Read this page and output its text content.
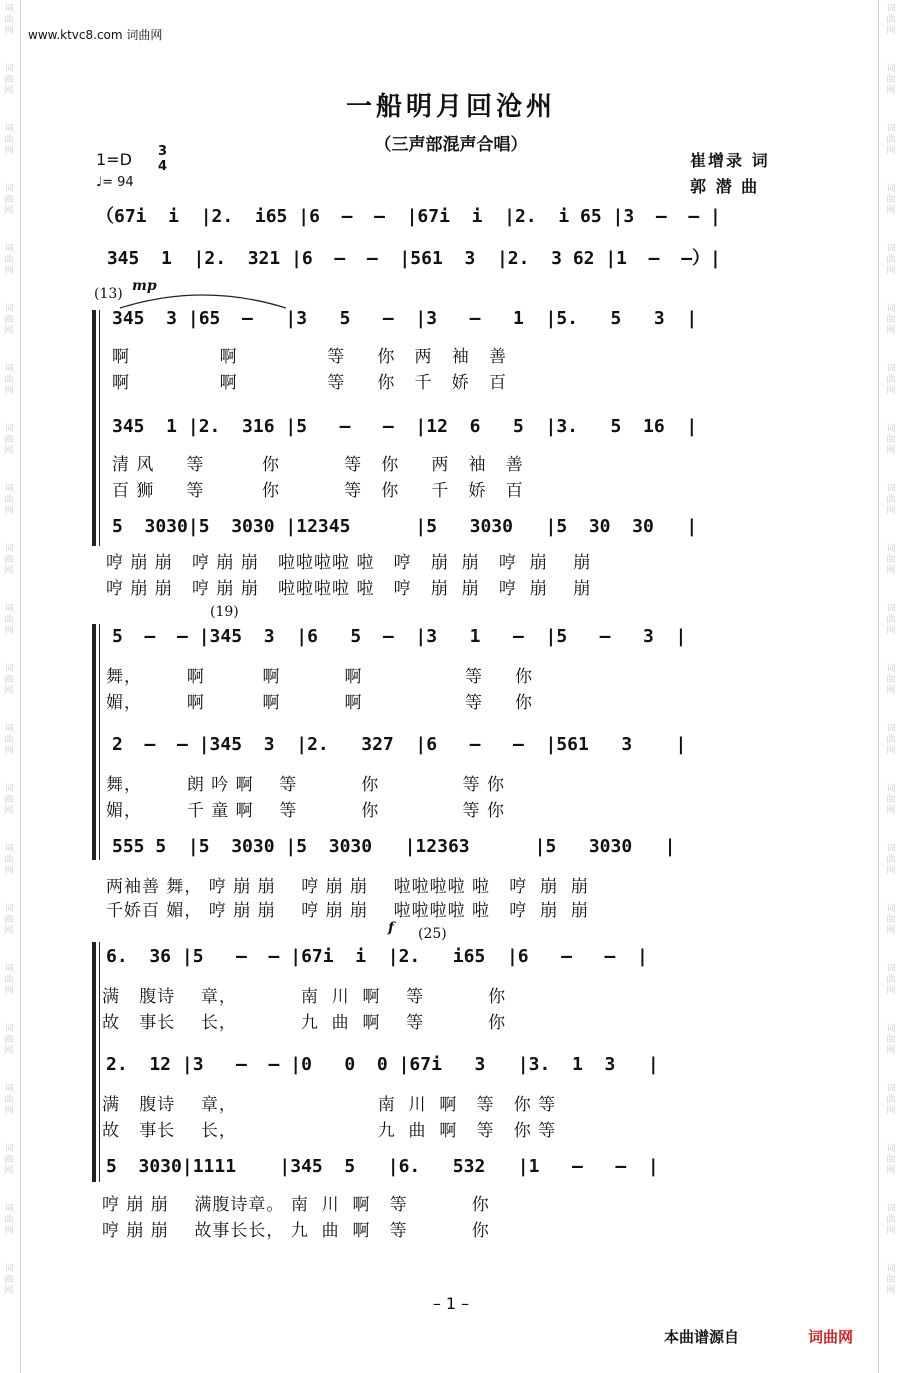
词
曲
网
词
曲
网
词
曲
网
词
曲
网
词
曲
网
词
曲
网
词
曲
网
词
曲
网
词
曲
网
词
曲
网
词
曲
网
词
曲
网
词
曲
网
词
曲
网
词
曲
网
词
曲
网
词
曲
网
词
曲
网
词
曲
网
词
曲
网
词
曲
网
词
曲
网
词
曲
网
词
曲
网
词
曲
网
词
曲
网
词
曲
网
词
曲
网
词
曲
网
词
曲
网
词
曲
网
词
曲
网
词
曲
网
词
曲
网
词
曲
网
词
曲
网
词
曲
网
词
曲
网
词
曲
网
词
曲
网
词
曲
网
词
曲
网
词
曲
网
词
曲
网
www.ktvc8.com 词曲网
一船明月回沧州
（三声部混声合唱）
1=D 3
4
♩= 94
崔增录 词
郭 潜 曲
（67i  i  |2.  i65 |6  –  –  |67i  i  |2.  i 65 |3  –  – |
345  1  |2.  321 |6  –  –  |561  3  |2.  3 62 |1  –  –）|
(13) mp
345  3 |65  –   |3   5   –  |3   –   1  |5.   5   3  |
啊              啊              等     你   两   袖   善
啊              啊              等     你   千   娇   百
345  1 |2.  316 |5   –   –  |12  6   5  |3.   5  16  |
清 风     等         你          等   你     两   袖   善
百 狮     等         你          等   你     千   娇   百
5  3030|5  3030 |12345      |5   3030   |5  30  30   |
哼 崩 崩   哼 崩 崩   啦啦啦啦 啦   哼   崩  崩   哼  崩    崩
哼 崩 崩   哼 崩 崩   啦啦啦啦 啦   哼   崩  崩   哼  崩    崩
(19)
5  –  – |345  3  |6   5  –  |3   1   –  |5   –   3  |
舞，       啊         啊          啊                等     你
媚，       啊         啊          啊                等     你
2  –  – |345  3  |2.   327  |6   –   –  |561   3    |
舞，       朗 吟 啊    等          你             等 你
媚，       千 童 啊    等          你             等 你
555 5  |5  3030 |5  3030   |12363      |5   3030   |
两袖善 舞， 哼 崩 崩    哼 崩 崩    啦啦啦啦 啦   哼  崩  崩
千娇百 媚， 哼 崩 崩    哼 崩 崩    啦啦啦啦 啦   哼  崩  崩
f (25)
6.  36 |5   –  – |67i  i  |2.   i65  |6   –   –  |
满   腹诗    章，          南  川  啊    等          你
故   事长    长，          九  曲  啊    等          你
2.  12 |3   –  – |0   0  0 |67i   3   |3.  1  3   |
满   腹诗    章，                      南  川  啊   等   你 等
故   事长    长，                      九  曲  啊   等   你 等
5  3030|1111    |345  5   |6.   532   |1   –   –  |
哼 崩 崩    满腹诗章。 南  川  啊   等          你
哼 崩 崩    故事长长， 九  曲  啊   等          你
– 1 –
本曲谱源自	词曲网
